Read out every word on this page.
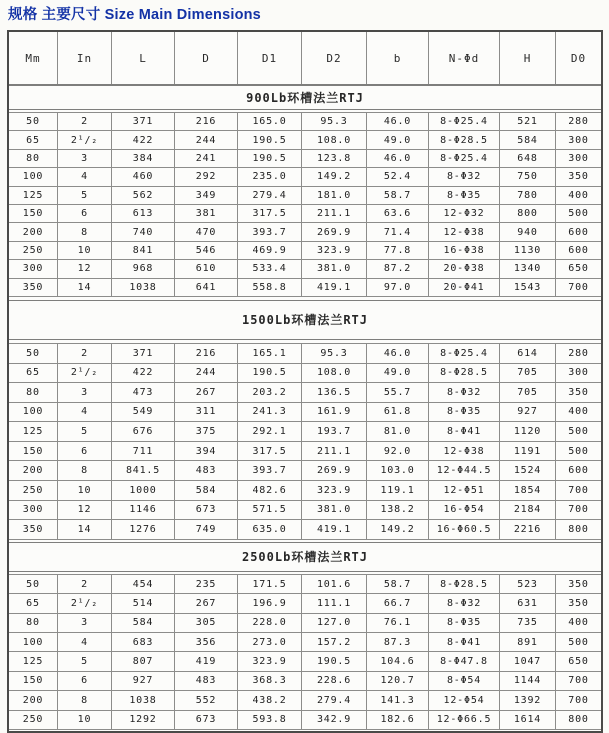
规格 主要尺寸 Size Main Dimensions
Mm	In	L	D	D1	D2	b	N-Φd	H	D0
900Lb环槽法兰RTJ
50	2	371	216	165.0	95.3	46.0	8-Φ25.4	521	280
65	2¹/₂	422	244	190.5	108.0	49.0	8-Φ28.5	584	300
80	3	384	241	190.5	123.8	46.0	8-Φ25.4	648	300
100	4	460	292	235.0	149.2	52.4	8-Φ32	750	350
125	5	562	349	279.4	181.0	58.7	8-Φ35	780	400
150	6	613	381	317.5	211.1	63.6	12-Φ32	800	500
200	8	740	470	393.7	269.9	71.4	12-Φ38	940	600
250	10	841	546	469.9	323.9	77.8	16-Φ38	1130	600
300	12	968	610	533.4	381.0	87.2	20-Φ38	1340	650
350	14	1038	641	558.8	419.1	97.0	20-Φ41	1543	700
1500Lb环槽法兰RTJ
50	2	371	216	165.1	95.3	46.0	8-Φ25.4	614	280
65	2¹/₂	422	244	190.5	108.0	49.0	8-Φ28.5	705	300
80	3	473	267	203.2	136.5	55.7	8-Φ32	705	350
100	4	549	311	241.3	161.9	61.8	8-Φ35	927	400
125	5	676	375	292.1	193.7	81.0	8-Φ41	1120	500
150	6	711	394	317.5	211.1	92.0	12-Φ38	1191	500
200	8	841.5	483	393.7	269.9	103.0	12-Φ44.5	1524	600
250	10	1000	584	482.6	323.9	119.1	12-Φ51	1854	700
300	12	1146	673	571.5	381.0	138.2	16-Φ54	2184	700
350	14	1276	749	635.0	419.1	149.2	16-Φ60.5	2216	800
2500Lb环槽法兰RTJ
50	2	454	235	171.5	101.6	58.7	8-Φ28.5	523	350
65	2¹/₂	514	267	196.9	111.1	66.7	8-Φ32	631	350
80	3	584	305	228.0	127.0	76.1	8-Φ35	735	400
100	4	683	356	273.0	157.2	87.3	8-Φ41	891	500
125	5	807	419	323.9	190.5	104.6	8-Φ47.8	1047	650
150	6	927	483	368.3	228.6	120.7	8-Φ54	1144	700
200	8	1038	552	438.2	279.4	141.3	12-Φ54	1392	700
250	10	1292	673	593.8	342.9	182.6	12-Φ66.5	1614	800
